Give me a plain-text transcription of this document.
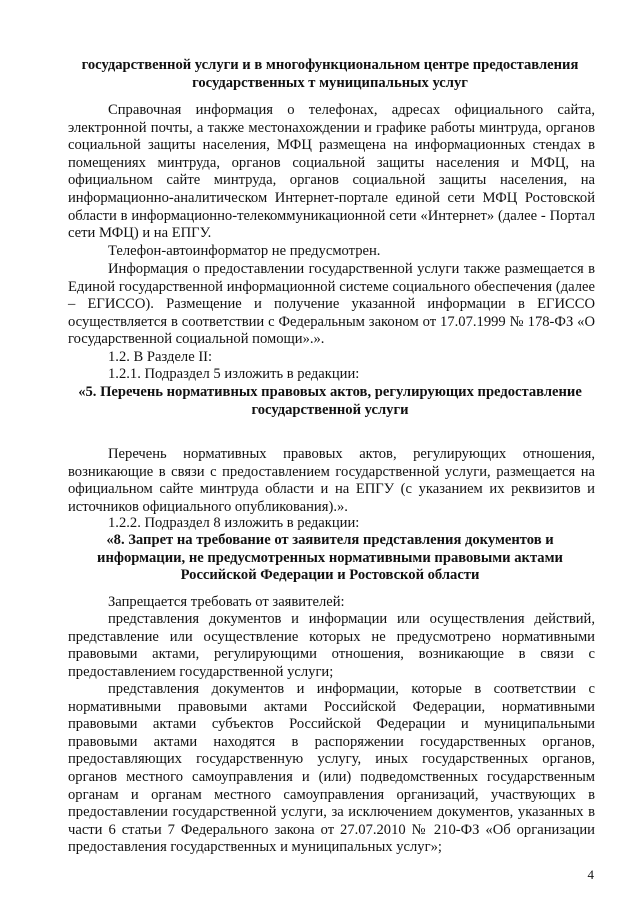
государственной услуги и в многофункциональном центре предоставления государственных т муниципальных услуг
Справочная информация о телефонах, адресах официального сайта, электронной почты, а также местонахождении и графике работы минтруда, органов социальной защиты населения, МФЦ размещена на информационных стендах в помещениях минтруда, органов социальной защиты населения и МФЦ, на официальном сайте минтруда, органов социальной защиты населения, на информационно-аналитическом Интернет-портале единой сети МФЦ Ростовской области в информационно-телекоммуникационной сети «Интернет» (далее - Портал сети МФЦ) и на ЕПГУ.
Телефон-автоинформатор не предусмотрен.
Информация о предоставлении государственной услуги также размещается в Единой государственной информационной системе социального обеспечения (далее – ЕГИССО). Размещение и получение указанной информации в ЕГИССО осуществляется в соответствии с Федеральным законом от 17.07.1999 № 178-ФЗ «О государственной социальной помощи».».
1.2. В Разделе II:
1.2.1. Подраздел 5 изложить в редакции:
«5. Перечень нормативных правовых актов, регулирующих предоставление государственной услуги
Перечень нормативных правовых актов, регулирующих отношения, возникающие в связи с предоставлением государственной услуги, размещается на официальном сайте минтруда области и на ЕПГУ (с указанием их реквизитов и источников официального опубликования).».
1.2.2. Подраздел 8 изложить в редакции:
«8. Запрет на требование от заявителя представления документов и информации, не предусмотренных нормативными правовыми актами Российской Федерации и Ростовской области
Запрещается требовать от заявителей:
представления документов и информации или осуществления действий, представление или осуществление которых не предусмотрено нормативными правовыми актами, регулирующими отношения, возникающие в связи с предоставлением государственной услуги;
представления документов и информации, которые в соответствии с нормативными правовыми актами Российской Федерации, нормативными правовыми актами субъектов Российской Федерации и муниципальными правовыми актами находятся в распоряжении государственных органов, предоставляющих государственную услугу, иных государственных органов, органов местного самоуправления и (или) подведомственных государственным органам и органам местного самоуправления организаций, участвующих в предоставлении государственной услуги, за исключением документов, указанных в части 6 статьи 7 Федерального закона от 27.07.2010 № 210-ФЗ «Об организации предоставления государственных и муниципальных услуг»;
4
